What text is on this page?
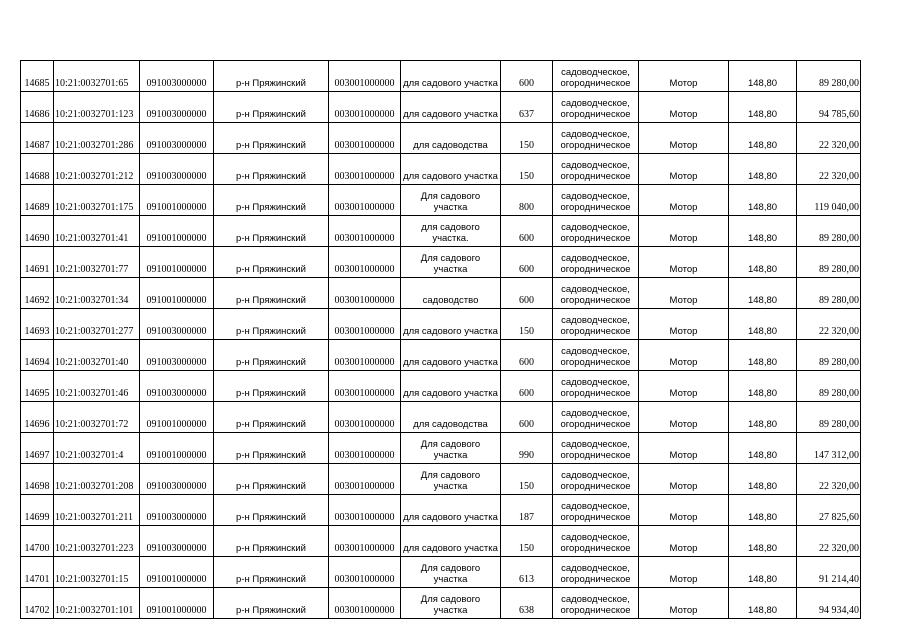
14685	10:21:0032701:65	091003000000	р-н Пряжинский	003001000000	для садового участка	600	садоводческое,
огородническое	Мотор	148,80	89 280,00
14686	10:21:0032701:123	091003000000	р-н Пряжинский	003001000000	для садового участка	637	садоводческое,
огородническое	Мотор	148,80	94 785,60
14687	10:21:0032701:286	091003000000	р-н Пряжинский	003001000000	для садоводства	150	садоводческое,
огородническое	Мотор	148,80	22 320,00
14688	10:21:0032701:212	091003000000	р-н Пряжинский	003001000000	для садового участка	150	садоводческое,
огородническое	Мотор	148,80	22 320,00
14689	10:21:0032701:175	091001000000	р-н Пряжинский	003001000000	Для садового
участка	800	садоводческое,
огородническое	Мотор	148,80	119 040,00
14690	10:21:0032701:41	091001000000	р-н Пряжинский	003001000000	для садового
участка.	600	садоводческое,
огородническое	Мотор	148,80	89 280,00
14691	10:21:0032701:77	091001000000	р-н Пряжинский	003001000000	Для садового
участка	600	садоводческое,
огородническое	Мотор	148,80	89 280,00
14692	10:21:0032701:34	091001000000	р-н Пряжинский	003001000000	садоводство	600	садоводческое,
огородническое	Мотор	148,80	89 280,00
14693	10:21:0032701:277	091003000000	р-н Пряжинский	003001000000	для садового участка	150	садоводческое,
огородническое	Мотор	148,80	22 320,00
14694	10:21:0032701:40	091003000000	р-н Пряжинский	003001000000	для садового участка	600	садоводческое,
огородническое	Мотор	148,80	89 280,00
14695	10:21:0032701:46	091003000000	р-н Пряжинский	003001000000	для садового участка	600	садоводческое,
огородническое	Мотор	148,80	89 280,00
14696	10:21:0032701:72	091001000000	р-н Пряжинский	003001000000	для садоводства	600	садоводческое,
огородническое	Мотор	148,80	89 280,00
14697	10:21:0032701:4	091001000000	р-н Пряжинский	003001000000	Для садового
участка	990	садоводческое,
огородническое	Мотор	148,80	147 312,00
14698	10:21:0032701:208	091003000000	р-н Пряжинский	003001000000	Для садового
участка	150	садоводческое,
огородническое	Мотор	148,80	22 320,00
14699	10:21:0032701:211	091003000000	р-н Пряжинский	003001000000	для садового участка	187	садоводческое,
огородническое	Мотор	148,80	27 825,60
14700	10:21:0032701:223	091003000000	р-н Пряжинский	003001000000	для садового участка	150	садоводческое,
огородническое	Мотор	148,80	22 320,00
14701	10:21:0032701:15	091001000000	р-н Пряжинский	003001000000	Для садового
участка	613	садоводческое,
огородническое	Мотор	148,80	91 214,40
14702	10:21:0032701:101	091001000000	р-н Пряжинский	003001000000	Для садового
участка	638	садоводческое,
огородническое	Мотор	148,80	94 934,40
